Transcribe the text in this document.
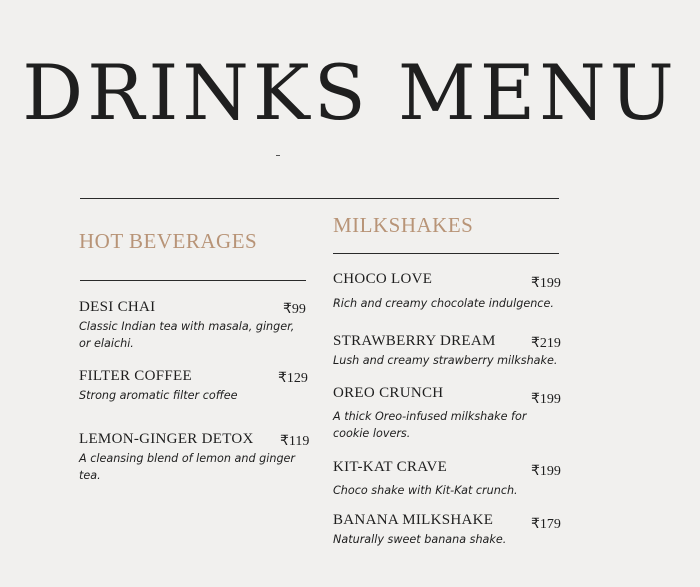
DRINKS MENU
HOT BEVERAGES
DESI CHAI	₹99
Classic Indian tea with masala, ginger, or elaichi.
FILTER COFFEE	₹129
Strong aromatic filter coffee
LEMON-GINGER DETOX ₹119
A cleansing blend of lemon and ginger tea.
MILKSHAKES
CHOCO LOVE	₹199
Rich and creamy chocolate indulgence.
STRAWBERRY DREAM	₹219
Lush and creamy strawberry milkshake.
OREO CRUNCH	₹199
A thick Oreo-infused milkshake for cookie lovers.
KIT-KAT CRAVE	₹199
Choco shake with Kit-Kat crunch.
BANANA MILKSHAKE	₹179
Naturally sweet banana shake.
